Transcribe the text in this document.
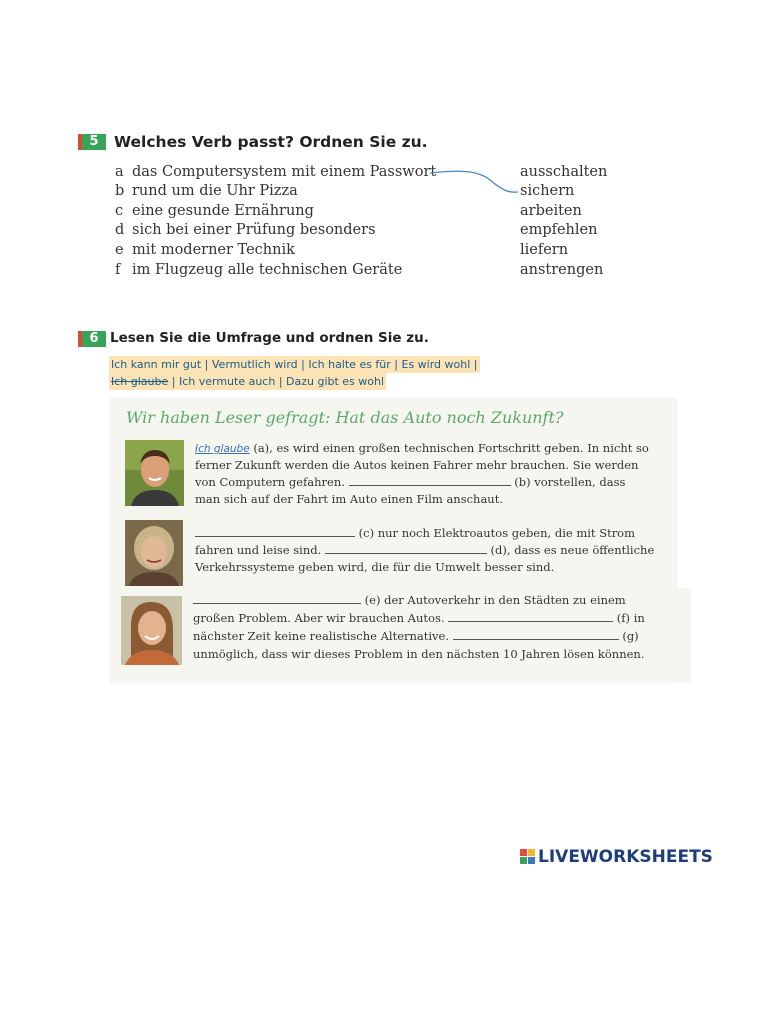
5 Welches Verb passt? Ordnen Sie zu.
a das Computersystem mit einem Passwort	ausschalten
b rund um die Uhr Pizza	sichern
c eine gesunde Ernährung	arbeiten
d sich bei einer Prüfung besonders	empfehlen
e mit moderner Technik	liefern
f im Flugzeug alle technischen Geräte	anstrengen
6 Lesen Sie die Umfrage und ordnen Sie zu.
Ich kann mir gut | Vermutlich wird | Ich halte es für | Es wird wohl |
Ich glaube | Ich vermute auch | Dazu gibt es wohl
Wir haben Leser gefragt: Hat das Auto noch Zukunft?
Ich glaube (a), es wird einen großen technischen Fortschritt geben. In nicht so
ferner Zukunft werden die Autos keinen Fahrer mehr brauchen. Sie werden
von Computern gefahren.	(b) vorstellen, dass
man sich auf der Fahrt im Auto einen Film anschaut.
(c) nur noch Elektroautos geben, die mit Strom
fahren und leise sind.	(d), dass es neue öffentliche
Verkehrssysteme geben wird, die für die Umwelt besser sind.
(e) der Autoverkehr in den Städten zu einem
großen Problem. Aber wir brauchen Autos.	(f) in
nächster Zeit keine realistische Alternative.	(g)
unmöglich, dass wir dieses Problem in den nächsten 10 Jahren lösen können.
LIVEWORKSHEETS
